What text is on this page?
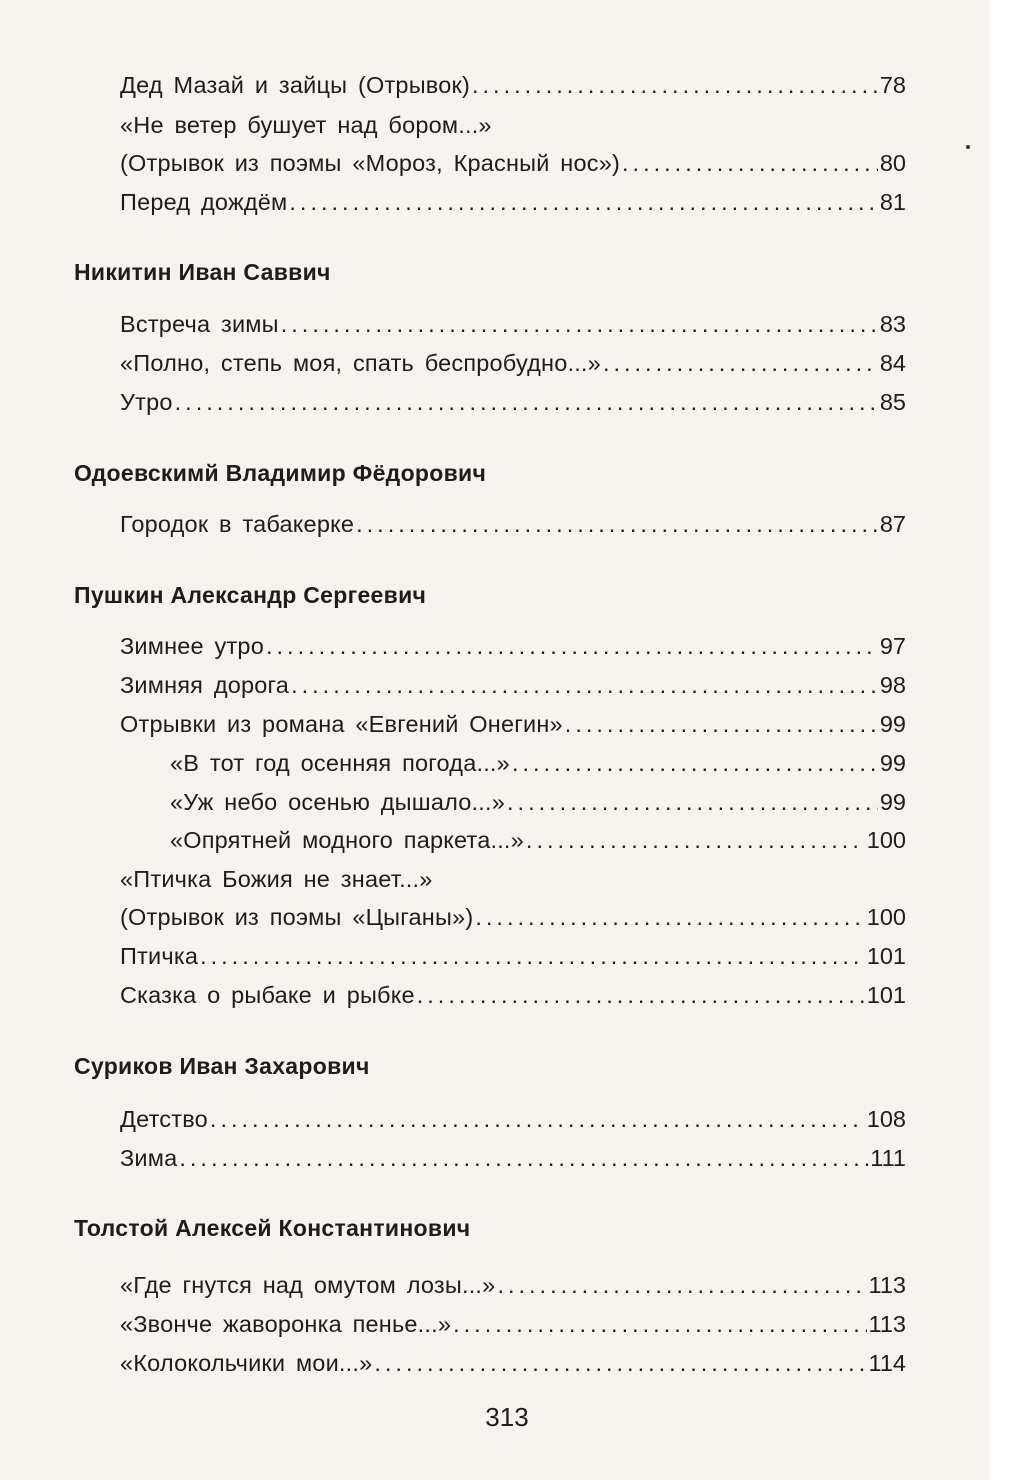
Дед Мазай и зайцы (Отрывок) .....	78
«Не ветер бушует над бором...»
(Отрывок из поэмы «Мороз, Красный нос») .....	80
Перед дождём .....	81
Никитин Иван Саввич
Встреча зимы .....	83
«Полно, степь моя, спать беспробудно...» .....	84
Утро .....	85
Одоевскимй Владимир Фёдорович
Городок в табакерке .....	87
Пушкин Александр Сергеевич
Зимнее утро .....	97
Зимняя дорога .....	98
Отрывки из романа «Евгений Онегин» .....	99
«В тот год осенняя погода...» .....	99
«Уж небо осенью дышало...» .....	99
«Опрятней модного паркета...» .....	100
«Птичка Божия не знает...»
(Отрывок из поэмы «Цыганы») .....	100
Птичка .....	101
Сказка о рыбаке и рыбке .....	101
Суриков Иван Захарович
Детство .....	108
Зима .....	111
Толстой Алексей Константинович
«Где гнутся над омутом лозы...» .....	113
«Звонче жаворонка пенье...» .....	113
«Колокольчики мои...» .....	114
313
